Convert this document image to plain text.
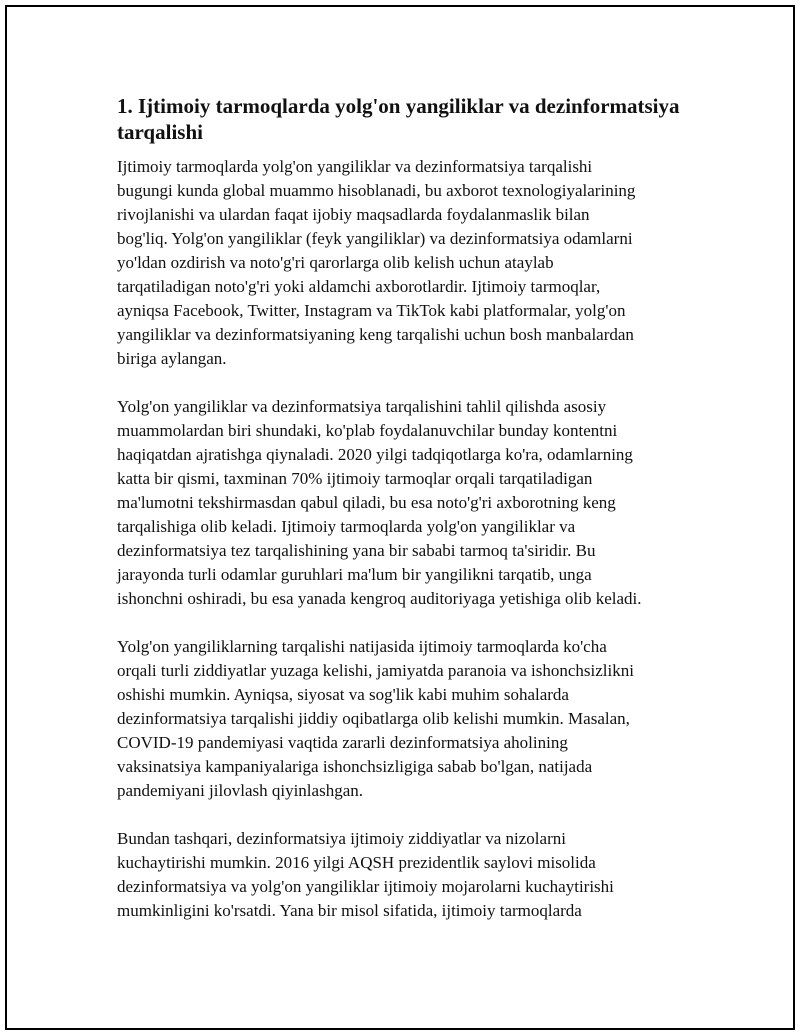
1. Ijtimoiy tarmoqlarda yolg'on yangiliklar va dezinformatsiya
tarqalishi

Ijtimoiy tarmoqlarda yolg'on yangiliklar va dezinformatsiya tarqalishi
bugungi kunda global muammo hisoblanadi, bu axborot texnologiyalarining
rivojlanishi va ulardan faqat ijobiy maqsadlarda foydalanmaslik bilan
bog'liq. Yolg'on yangiliklar (feyk yangiliklar) va dezinformatsiya odamlarni
yo'ldan ozdirish va noto'g'ri qarorlarga olib kelish uchun ataylab
tarqatiladigan noto'g'ri yoki aldamchi axborotlardir. Ijtimoiy tarmoqlar,
ayniqsa Facebook, Twitter, Instagram va TikTok kabi platformalar, yolg'on
yangiliklar va dezinformatsiyaning keng tarqalishi uchun bosh manbalardan
biriga aylangan.

Yolg'on yangiliklar va dezinformatsiya tarqalishini tahlil qilishda asosiy
muammolardan biri shundaki, ko'plab foydalanuvchilar bunday kontentni
haqiqatdan ajratishga qiynaladi. 2020 yilgi tadqiqotlarga ko'ra, odamlarning
katta bir qismi, taxminan 70% ijtimoiy tarmoqlar orqali tarqatiladigan
ma'lumotni tekshirmasdan qabul qiladi, bu esa noto'g'ri axborotning keng
tarqalishiga olib keladi. Ijtimoiy tarmoqlarda yolg'on yangiliklar va
dezinformatsiya tez tarqalishining yana bir sababi tarmoq ta'siridir. Bu
jarayonda turli odamlar guruhlari ma'lum bir yangilikni tarqatib, unga
ishonchni oshiradi, bu esa yanada kengroq auditoriyaga yetishiga olib keladi.

Yolg'on yangiliklarning tarqalishi natijasida ijtimoiy tarmoqlarda ko'cha
orqali turli ziddiyatlar yuzaga kelishi, jamiyatda paranoia va ishonchsizlikni
oshishi mumkin. Ayniqsa, siyosat va sog'lik kabi muhim sohalarda
dezinformatsiya tarqalishi jiddiy oqibatlarga olib kelishi mumkin. Masalan,
COVID-19 pandemiyasi vaqtida zararli dezinformatsiya aholining
vaksinatsiya kampaniyalariga ishonchsizligiga sabab bo'lgan, natijada
pandemiyani jilovlash qiyinlashgan.

Bundan tashqari, dezinformatsiya ijtimoiy ziddiyatlar va nizolarni
kuchaytirishi mumkin. 2016 yilgi AQSH prezidentlik saylovi misolida
dezinformatsiya va yolg'on yangiliklar ijtimoiy mojarolarni kuchaytirishi
mumkinligini ko'rsatdi. Yana bir misol sifatida, ijtimoiy tarmoqlarda
